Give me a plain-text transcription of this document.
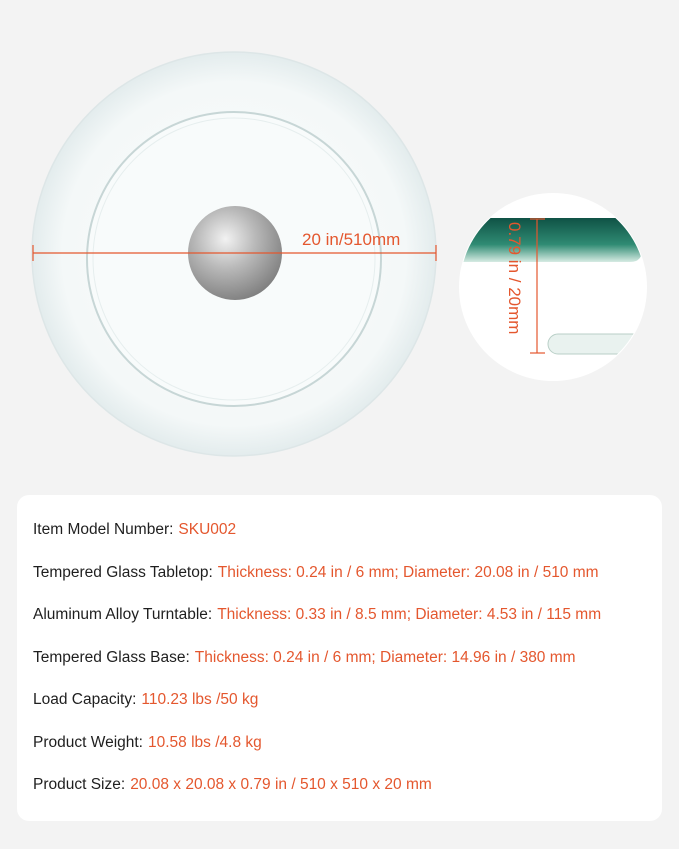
20 in/510mm	0.79 in / 20mm
Item Model Number: SKU002
Tempered Glass Tabletop: Thickness: 0.24 in / 6 mm; Diameter: 20.08 in / 510 mm
Aluminum Alloy Turntable: Thickness: 0.33 in / 8.5 mm; Diameter: 4.53 in / 115 mm
Tempered Glass Base: Thickness: 0.24 in / 6 mm; Diameter: 14.96 in / 380 mm
Load Capacity: 110.23 lbs /50 kg
Product Weight: 10.58 lbs /4.8 kg
Product Size: 20.08 x 20.08 x 0.79 in / 510 x 510 x 20 mm
